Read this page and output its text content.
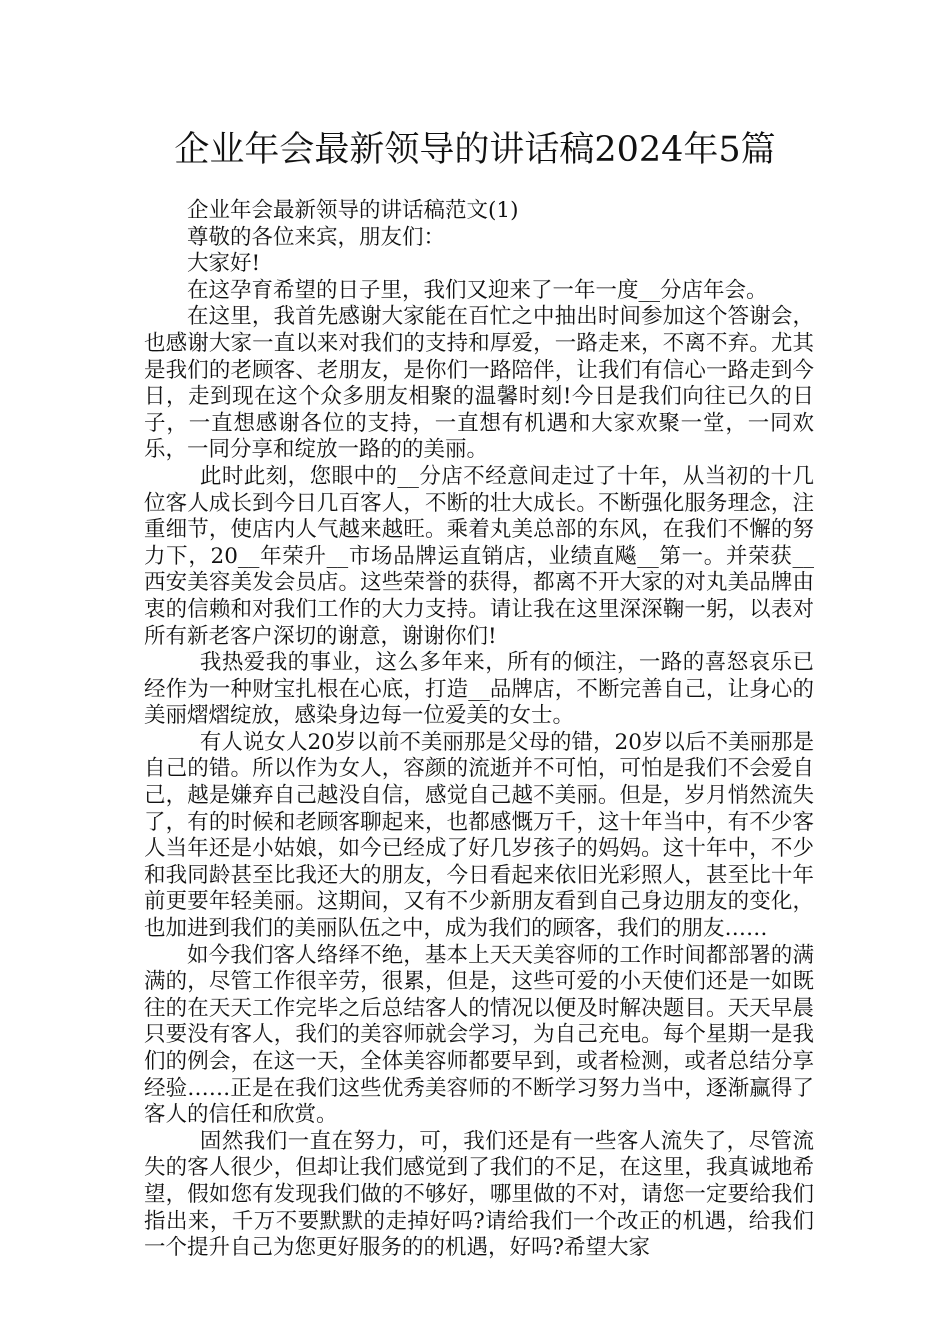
企业年会最新领导的讲话稿2024年5篇

企业年会最新领导的讲话稿范文(1)

尊敬的各位来宾，朋友们：

大家好!

在这孕育希望的日子里，我们又迎来了一年一度__分店年会。

在这里，我首先感谢大家能在百忙之中抽出时间参加这个答谢会，也感谢大家一直以来对我们的支持和厚爱，一路走来，不离不弃。尤其是我们的老顾客、老朋友，是你们一路陪伴，让我们有信心一路走到今日，走到现在这个众多朋友相聚的温馨时刻!今日是我们向往已久的日子，一直想感谢各位的支持，一直想有机遇和大家欢聚一堂，一同欢乐，一同分享和绽放一路的的美丽。

此时此刻，您眼中的__分店不经意间走过了十年，从当初的十几位客人成长到今日几百客人，不断的壮大成长。不断强化服务理念，注重细节，使店内人气越来越旺。乘着丸美总部的东风，在我们不懈的努力下，20__年荣升__市场品牌运直销店，业绩直飚__第一。并荣获__西安美容美发会员店。这些荣誉的获得，都离不开大家的对丸美品牌由衷的信赖和对我们工作的大力支持。请让我在这里深深鞠一躬，以表对所有新老客户深切的谢意，谢谢你们!

我热爱我的事业，这么多年来，所有的倾注，一路的喜怒哀乐已经作为一种财宝扎根在心底，打造__品牌店，不断完善自己，让身心的美丽熠熠绽放，感染身边每一位爱美的女士。

有人说女人20岁以前不美丽那是父母的错，20岁以后不美丽那是自己的错。所以作为女人，容颜的流逝并不可怕，可怕是我们不会爱自己，越是嫌弃自己越没自信，感觉自己越不美丽。但是，岁月悄然流失了，有的时候和老顾客聊起来，也都感慨万千，这十年当中，有不少客人当年还是小姑娘，如今已经成了好几岁孩子的妈妈。这十年中，不少和我同龄甚至比我还大的朋友，今日看起来依旧光彩照人，甚至比十年前更要年轻美丽。这期间，又有不少新朋友看到自己身边朋友的变化，也加进到我们的美丽队伍之中，成为我们的顾客，我们的朋友……

如今我们客人络绎不绝，基本上天天美容师的工作时间都部署的满满的，尽管工作很辛劳，很累，但是，这些可爱的小天使们还是一如既往的在天天工作完毕之后总结客人的情况以便及时解决题目。天天早晨只要没有客人，我们的美容师就会学习，为自己充电。每个星期一是我们的例会，在这一天，全体美容师都要早到，或者检测，或者总结分享经验……正是在我们这些优秀美容师的不断学习努力当中，逐渐赢得了客人的信任和欣赏。

固然我们一直在努力，可，我们还是有一些客人流失了，尽管流失的客人很少，但却让我们感觉到了我们的不足，在这里，我真诚地希望，假如您有发现我们做的不够好，哪里做的不对，请您一定要给我们指出来，千万不要默默的走掉好吗?请给我们一个改正的机遇，给我们一个提升自己为您更好服务的的机遇，好吗?希望大家
